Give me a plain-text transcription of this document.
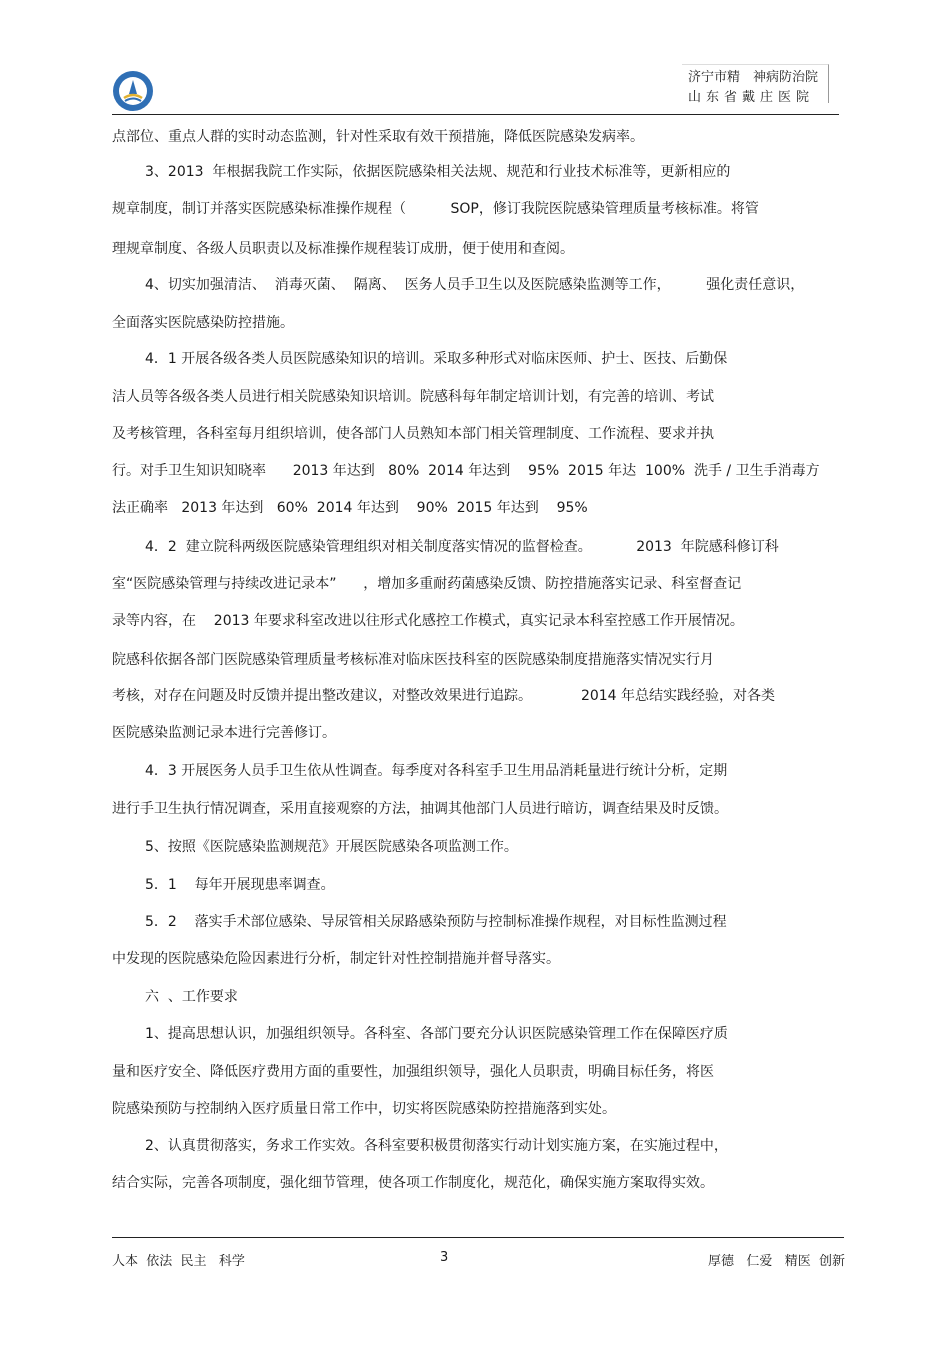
济宁市精　神病防治院
山东省戴庄医院
点部位、重点人群的实时动态监测，针对性采取有效干预措施，降低医院感染发病率。
3、2013  年根据我院工作实际，依据医院感染相关法规、规范和行业技术标准等，更新相应的
规章制度，制订并落实医院感染标准操作规程（          SOP，修订我院医院感染管理质量考核标准。将管
理规章制度、各级人员职责以及标准操作规程装订成册，便于使用和查阅。
4、切实加强清洁、  消毒灭菌、  隔离、  医务人员手卫生以及医院感染监测等工作，        强化责任意识，
全面落实医院感染防控措施。
4．1 开展各级各类人员医院感染知识的培训。采取多种形式对临床医师、护士、医技、后勤保
洁人员等各级各类人员进行相关院感染知识培训。院感科每年制定培训计划，有完善的培训、考试
及考核管理，各科室每月组织培训，使各部门人员熟知本部门相关管理制度、工作流程、要求并执
行。对手卫生知识知晓率      2013 年达到   80%  2014 年达到    95%  2015 年达  100%  洗手 / 卫生手消毒方
法正确率   2013 年达到   60%  2014 年达到    90%  2015 年达到    95%
4．2  建立院科两级医院感染管理组织对相关制度落实情况的监督检查。          2013  年院感科修订科
室“医院感染管理与持续改进记录本”      ，增加多重耐药菌感染反馈、防控措施落实记录、科室督查记
录等内容，在    2013 年要求科室改进以往形式化感控工作模式，真实记录本科室控感工作开展情况。
院感科依据各部门医院感染管理质量考核标准对临床医技科室的医院感染制度措施落实情况实行月
考核，对存在问题及时反馈并提出整改建议，对整改效果进行追踪。           2014 年总结实践经验，对各类
医院感染监测记录本进行完善修订。
4．3 开展医务人员手卫生依从性调查。每季度对各科室手卫生用品消耗量进行统计分析，定期
进行手卫生执行情况调查，采用直接观察的方法，抽调其他部门人员进行暗访，调查结果及时反馈。
5、按照《医院感染监测规范》开展医院感染各项监测工作。
5．1    每年开展现患率调查。
5．2    落实手术部位感染、导尿管相关尿路感染预防与控制标准操作规程，对目标性监测过程
中发现的医院感染危险因素进行分析，制定针对性控制措施并督导落实。
六  、工作要求
1、提高思想认识，加强组织领导。各科室、各部门要充分认识医院感染管理工作在保障医疗质
量和医疗安全、降低医疗费用方面的重要性，加强组织领导，强化人员职责，明确目标任务，将医
院感染预防与控制纳入医疗质量日常工作中，切实将医院感染防控措施落到实处。
2、认真贯彻落实，务求工作实效。各科室要积极贯彻落实行动计划实施方案，在实施过程中，
结合实际，完善各项制度，强化细节管理，使各项工作制度化，规范化，确保实施方案取得实效。
人本  依法  民主   科学	3	厚德   仁爱   精医  创新
